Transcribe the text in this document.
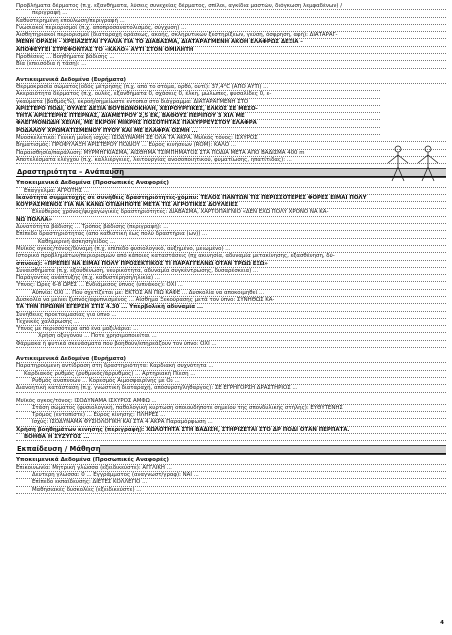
Προβλήματα δέρματος (π.χ. εξανθήματα, λύσεις συνεχείας δέρματος, σπίλοι, αγκίδια μαστών, διόγκωση λεμφαδένων) /
περιγραφή ...
Καθυστερημένη επούλωση/περιγραφή ...
Γνωσιακοί περιορισμοί (π.χ. αποπροσανατολισμός, σύγχυση) ...
Αισθητηριακοί περιορισμοί (διαταραχή οράσεως, ακοής, σκληρυτικών ξεστηρίξεων, γεύση, όσφρηση, αφή): ΔΙΑΤΑΡΑΓ-
ΜΕΝΗ ΟΡΑΣΗ - ΧΡΕΙΑΖΕΤΑΙ ΓΥΑΛΙΑ ΓΙΑ ΤΟ ΔΙΑΒΑΣΜΑ, ΔΙΑΤΑΡΑΓΜΕΝΗ ΑΚΟΗ ΕΛΑΦΡΩΣ ΔΕΞΙΑ –
ΑΠΟΦΕΥΓΕΙ ΣΤΡΕΦΟΝΤΑΣ ΤΟ «ΚΑΛΟ» ΑΥΤΙ ΣΤΟΝ ΟΜΙΛΗΤΗ
Προθέσεις ... Βοηθήματα βάδισης ...
Βία (επεισόδια ή τάση): ...
Αντικειμενικά Δεδομένα (Ευρήματα)
Θερμοκρασία σώματος(οδός μέτρησης (π.χ. από το στόμα, ορθό, ουτί): 37,4°C (ΑΠΟ ΑΥΤΙ) ...
Ακεραιότητα δέρματος (π.χ. ουλές, εξανθήματα 0, σχάσεις 0, έλκη, μώλωπες, φυσαλίδες 0, ε-
γκαύματα (βαθμός%), εκροή/σημείωστε εντοπισ στο διάγραμμα: ΔΙΑΤΑΡΑΓΜΕΝΗ ΣΤΟ
ΑΡΙΣΤΕΡΟ ΠΟΔΙ, ΟΥΛΕΣ ΔΕΞΙΑ ΒΟΥΒΩΝΟΚΗΛΗ, ΧΕΙΡΟΥΡΓΙΚΕΣ, ΕΛΚΟΣ ΣΕ ΜΕΣΟ-
ΤΗΤΑ ΑΡΙΣΤΕΡΗΣ ΠΤΕΡΝΑΣ, ΔΙΑΜΕΤΡΟΥ 2,5 ΕΚ, ΒΑΘΟΥΣ ΠΕΡΙΠΟΥ 3 ΧΙΛ ΜΕ
ΦΛΕΓΜΟΝΩΔΗ ΧΕΙΛΗ, ΜΕ ΕΚΡΟΗ ΜΙΚΡΗΣ ΠΟΣΟΤΗΤΑΣ ΠΑΧΥΡΡΕΥΣΤΟΥ ΕΛΑΦΡΑ
ΡΟΔΑΛΟΥ ΧΡΩΜΑΤΙΣΜΕΝΟΥ ΠΥΟΥ ΚΑΙ ΜΕ ΕΛΑΦΡΑ ΟΣΜΗ ...
Μυοσκελετικό: Γενική μυϊκή ισχύς: ΙΣΟΔΥΝΑΜΗ ΣΕ ΟΛΑ ΤΑ ΑΚΡΑ. Μυϊκός τόνος: ΙΣΧΥΡΟΣ
Βηματισμός: ΠΡΟΦΥΛΑΞΗ ΑΡΙΣΤΕΡΟΥ ΠΟΔΙΟΥ ... Εύρος κινήσεων (ROM): ΚΑΛΟ ...
Παραισθησία/παράλυση: ΜΥΡΜΗΓΚΙΑΣΜΑ, ΑΙΣΘΗΜΑ ΤΣΙΜΠΗΜΑΤΟΣ ΣΤΑ ΠΟΔΙΑ ΜΕΤΑ ΑΠΟ ΒΑΔΙΣΜΑ 400 m
Αποτελέσματα ελέγχου (π.χ. καλλιέργειες, λειτουργίας ανοσοποιητικού, φυματίωσης, ηπατίτιδας): ...
Δραστηριότητα – Ανάπαυση
Υποκειμενικά Δεδομένα (Προσωπικές Αναφορές)
Επαγγελμα: ΑΓΡΟΤΗΣ ...
Ικανότητα συμμετοχής σε συνήθεις δραστηριότητες-χόμπυ: ΤΕΛΟΣ ΠΑΝΤΩΝ ΤΙΣ ΠΕΡΙΣΣΟΤΕΡΕΣ ΦΟΡΕΣ ΕΙΜΑΙ ΠΟΛΥ
ΚΟΥΡΑΣΜΕΝΟΣ ΓΙΑ ΝΑ ΚΑΝΩ ΟΤΙΔΗΠΟΤΕ ΜΕΤΑ ΤΙΣ ΑΓΡΟΤΙΚΕΣ ΔΟΥΛΕΙΕΣ
Ελεύθερος χρόνος/ψυχαγωγικές δραστηριότητες: ΔΙΑΒΑΣΜΑ, ΧΑΡΤΟΠΑΙΓΝΙΟ «ΔΕΝ ΕΧΩ ΠΟΛΥ ΧΡΟΝΟ ΝΑ ΚΑ-
ΝΩ ΠΟΛΛΑ»
Δυνατότητα βάδισης ... Τρόπος βάδισης (περιγραφή): ...
Επίπεδο δραστηριότητας (απο καθιστική έως πολύ δραστήρια (ων)) ...
Καθημερινή άσκηση/είδος ...
Μυϊκός ογκος/τόνος/δύναμη (π.χ. επίπεδο φυσιολογικό, αυξημένο, μειωμένο) ...
Ιστορικό προβλημάτων/περιορισμών από κάποιες καταστάσεις (πχ ακινησία, αδυναμία μετακίνησης, εξασθένηση, δύ-
σπνοια): «ΠΡΕΠΕΙ ΝΑ ΕΙΜΑΙ ΠΟΛΥ ΠΡΟΣΕΚΤΙΚΟΣ ΤΙ ΠΑΡΑΓΓΕΛΝΩ ΟΤΑΝ ΤΡΩΩ ΕΞΩ»
Συναισθήματα (π.χ. εξουθένωση, νευρικότητα, αδυναμία συγκέντρωσης, δυσαρέσκεια) ...
Παράγοντες ανάπτυξης (π.χ. καθυστέρηση/ηλικία) ...
Ύπνος: Ώρες 6-8 ΩΡΕΣ ... Ενδιάμεσος ύπνος (υπνάκος): ΟΧΙ ...
Αϋπνία: ΟΧΙ ... Που σχετίζεται με: ΕΚΤΟΣ ΑΝ ΠΙΩ ΚΑΦΕ ... Δυσκολία να αποκοιμηθεί ...
Δυσκολία να μείνει ξυπνός/αφυπνισμένος ... Αίσθημα Ξεκούρασης μετά τον ύπνο: ΣΥΝΗΘΩΣ ΚΑ-
ΤΑ ΤΗΝ ΠΡΩΙΝΗ ΕΓΕΡΣΗ ΣΤΙΣ 4.30 ... Υπερβολική αδυναμία ...
Συνήθειες προετοιμασίας για ύπνο ...
Τεχνικές χαλάρωσης ...
Ύπνος με περισσότερα από ένα μαξιλάρια: ...
Χρήση οξυγόνου ... Ποτε χρησιμοποιείται ...
Φάρμακα ή φυτικά σκευάσματα που βοηθούν/επηρεάζουν τον ύπνο: ΟΧΙ ...
Αντικειμενικά Δεδομένα (Ευρήματα)
Παρατηρούμενη αντίδραση στη δραστηριότητα: Καρδιακή συχνότητα ...
Καρδιακός ρυθμός (ρυθμικός/άρρυθμος) ... Αρτηριακή Πίεση ...
Ρυθμός αναπνοών ... Κορεσμός Αιμοσφαιρίνης με O₂ ...
Διανοητική κατάσταση (π.χ. γνωστική διαταραχή, απόσυρση/λήθαργος): ΣΕ ΕΓΡΗΓΟΡΣΗ ΔΡΑΣΤΗΡΙΟΣ ...
Μυϊκός ογκος/τόνος: ΙΣΟΔΥΝΑΜΑ ΙΣΧΥΡΟΣ ΑΜΦΩ ...
Στάση σώματος (φυσιολογική, παθολογική κυρτωση οποιουδήποτε σημείου της σπονδυλικής στήλης): ΕΥΘΥΤΕΝΗΣ
Τρόμος (εντοπίστε) ... Εύρος κίνησης: ΠΛΗΡΕΣ ...
Ισχύς: ΙΣΟΔΥΝΑΜΑ ΦΥΣΙΟΛΟΓΙΚΗ ΚΑΙ ΣΤΑ 4 ΑΚΡΑ Παραμόρφωση ...
Χρήση βοηθημάτων κινησης (περιγραφή): ΧΩΛΟΤΗΤΑ ΣΤΗ ΒΑΔΙΣΗ, ΣΤΗΡΙΖΕΤΑΙ ΣΤΟ ΔΡ ΠΟΔΙ ΟΤΑΝ ΠΕΡΠΑΤΑ.
ΒΟΗΘΑ Η ΣΥΖΥΓΟΣ ...
Εκπαίδευση / Μάθηση
Υποκειμενικά Δεδομένα (Προσωπικές Αναφορές)
Επικοινωνία: Μητρική γλώσσα (εξειδικεύστε): ΑΓΓΛΙΚΗ ...
Δευτερη γλώσσα: 0 ... Εγγράμματος (αναγνωστ/γραφ): ΝΑΙ ...
Επίπεδο εκπαίδευσης: ΔΙΕΤΕΣ ΚΟΛΛΕΓΙΟ ...
Μαθησιακές δυσκολίες (εξειδικεύστε) ...
4
